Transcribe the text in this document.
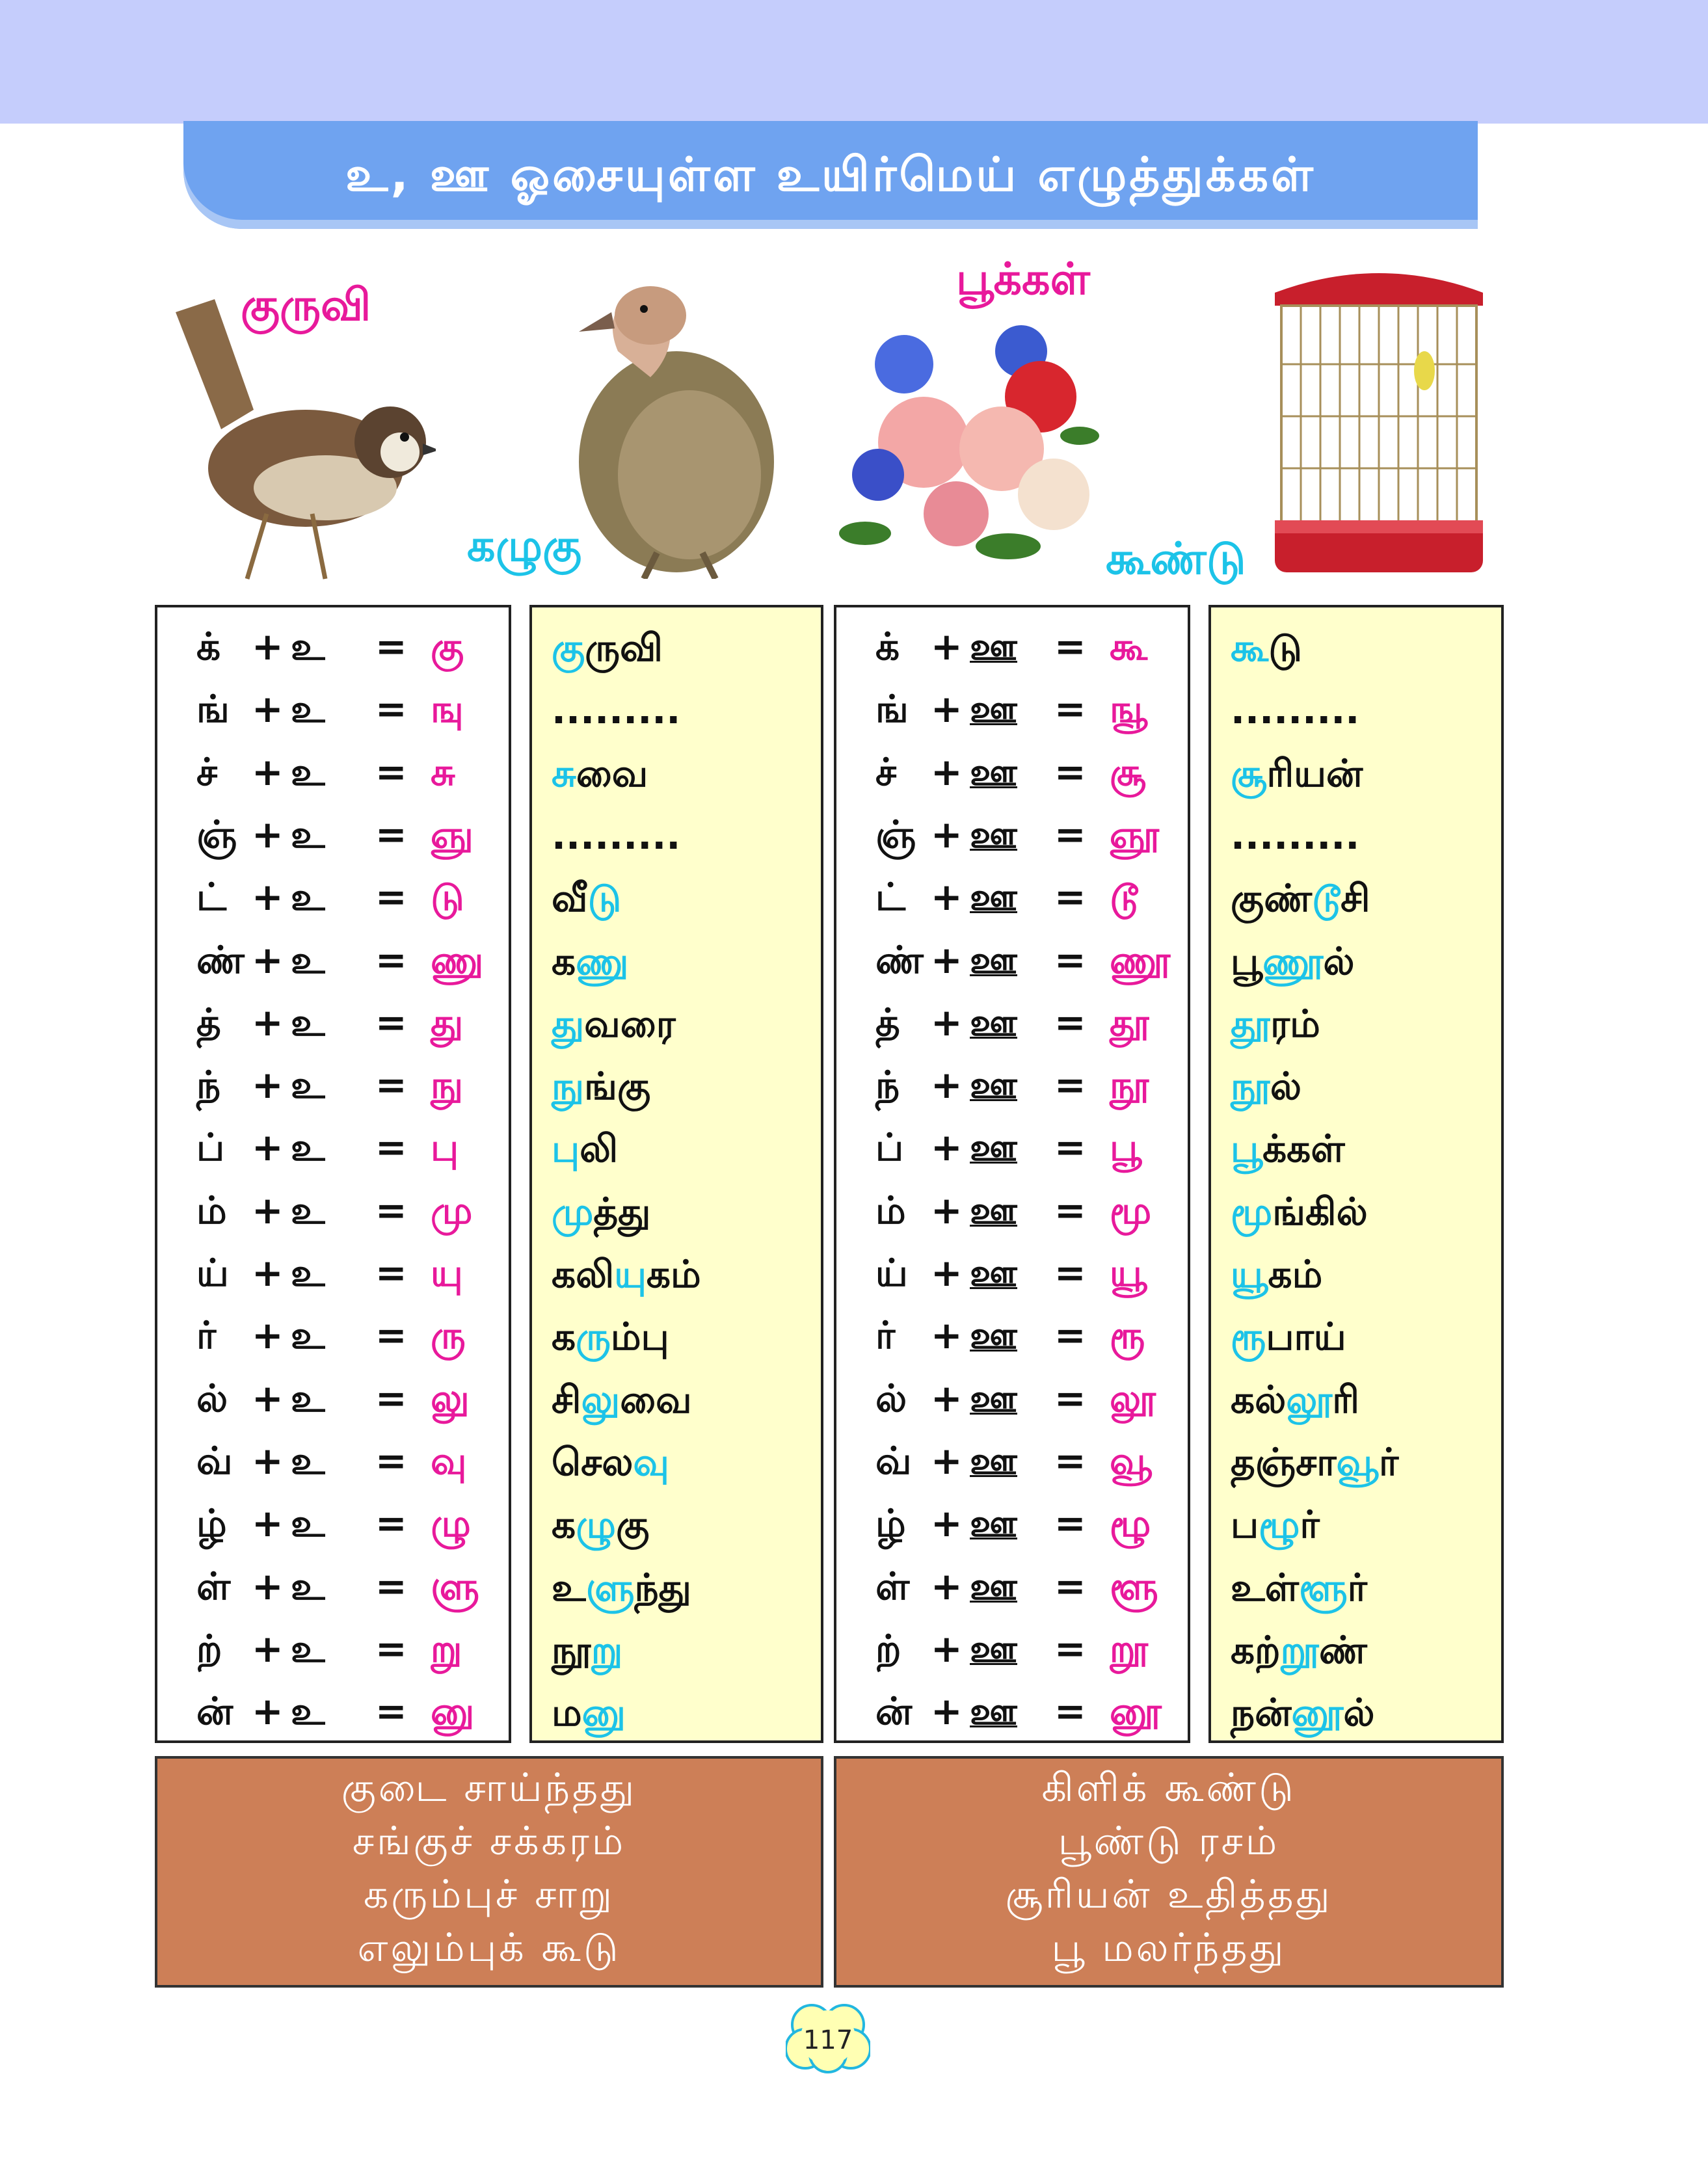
உ, ஊ ஓசையுள்ள உயிர்மெய் எழுத்துக்கள்
குருவி
கழுகு
பூக்கள்
கூண்டு
க் + உ = கு
ங் + உ = ஙு
ச் + உ = சு
ஞ் + உ = ஞு
ட் + உ = டு
ண் + உ = ணு
த் + உ = து
ந் + உ = நு
ப் + உ = பு
ம் + உ = மு
ய் + உ = யு
ர் + உ = ரு
ல் + உ = லு
வ் + உ = வு
ழ் + உ = ழு
ள் + உ = ளு
ற் + உ = று
ன் + உ = னு
குருவி
.........
சுவை
.........
வீடு
கணு
துவரை
நுங்கு
புலி
முத்து
கலியுகம்
கரும்பு
சிலுவை
செலவு
கழுகு
உளுந்து
நூறு
மனு
க் + ஊ = கூ
ங் + ஊ = ஙூ
ச் + ஊ = சூ
ஞ் + ஊ = ஞூ
ட் + ஊ = டூ
ண் + ஊ = ணூ
த் + ஊ = தூ
ந் + ஊ = நூ
ப் + ஊ = பூ
ம் + ஊ = மூ
ய் + ஊ = யூ
ர் + ஊ = ரூ
ல் + ஊ = லூ
வ் + ஊ = வூ
ழ் + ஊ = ழூ
ள் + ஊ = ளூ
ற் + ஊ = றூ
ன் + ஊ = னூ
கூடு
.........
சூரியன்
.........
குண்டூசி
பூணூல்
தூரம்
நூல்
பூக்கள்
மூங்கில்
யூகம்
ரூபாய்
கல்லூரி
தஞ்சாவூர்
பழூர்
உள்ளூர்
கற்றூண்
நன்னூல்
குடை சாய்ந்தது
சங்குச் சக்கரம்
கரும்புச் சாறு
எலும்புக் கூடு
கிளிக் கூண்டு
பூண்டு ரசம்
சூரியன் உதித்தது
பூ மலர்ந்தது
117
